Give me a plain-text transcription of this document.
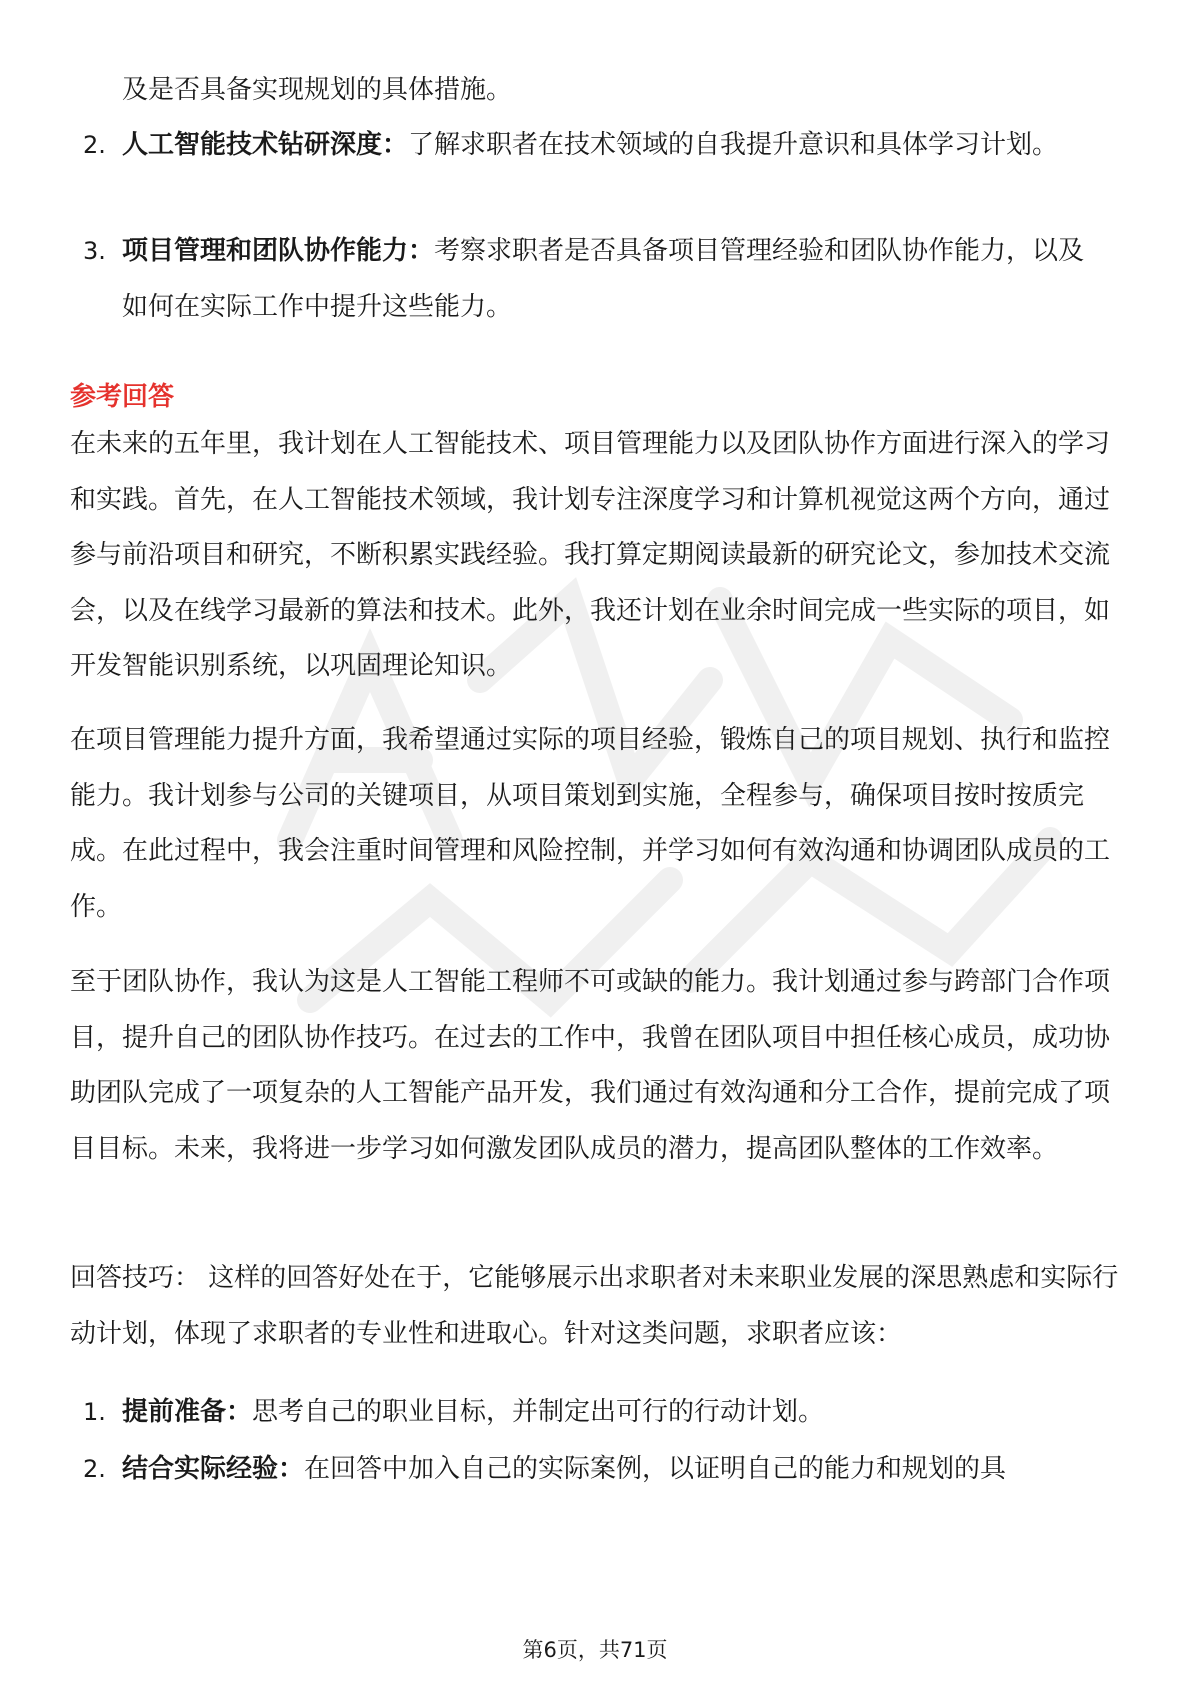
及是否具备实现规划的具体措施。
2. 人工智能技术钻研深度：了解求职者在技术领域的自我提升意识和具体学习计划。
3. 项目管理和团队协作能力：考察求职者是否具备项目管理经验和团队协作能力，以及如何在实际工作中提升这些能力。
参考回答

在未来的五年里，我计划在人工智能技术、项目管理能力以及团队协作方面进行深入的学习和实践。首先，在人工智能技术领域，我计划专注深度学习和计算机视觉这两个方向，通过参与前沿项目和研究，不断积累实践经验。我打算定期阅读最新的研究论文，参加技术交流会，以及在线学习最新的算法和技术。此外，我还计划在业余时间完成一些实际的项目，如开发智能识别系统，以巩固理论知识。

在项目管理能力提升方面，我希望通过实际的项目经验，锻炼自己的项目规划、执行和监控能力。我计划参与公司的关键项目，从项目策划到实施，全程参与，确保项目按时按质完成。在此过程中，我会注重时间管理和风险控制，并学习如何有效沟通和协调团队成员的工作。

至于团队协作，我认为这是人工智能工程师不可或缺的能力。我计划通过参与跨部门合作项目，提升自己的团队协作技巧。在过去的工作中，我曾在团队项目中担任核心成员，成功协助团队完成了一项复杂的人工智能产品开发，我们通过有效沟通和分工合作，提前完成了项目目标。未来，我将进一步学习如何激发团队成员的潜力，提高团队整体的工作效率。

回答技巧： 这样的回答好处在于，它能够展示出求职者对未来职业发展的深思熟虑和实际行动计划，体现了求职者的专业性和进取心。针对这类问题，求职者应该：

1. 提前准备：思考自己的职业目标，并制定出可行的行动计划。
2. 结合实际经验：在回答中加入自己的实际案例，以证明自己的能力和规划的具
第6页，共71页
